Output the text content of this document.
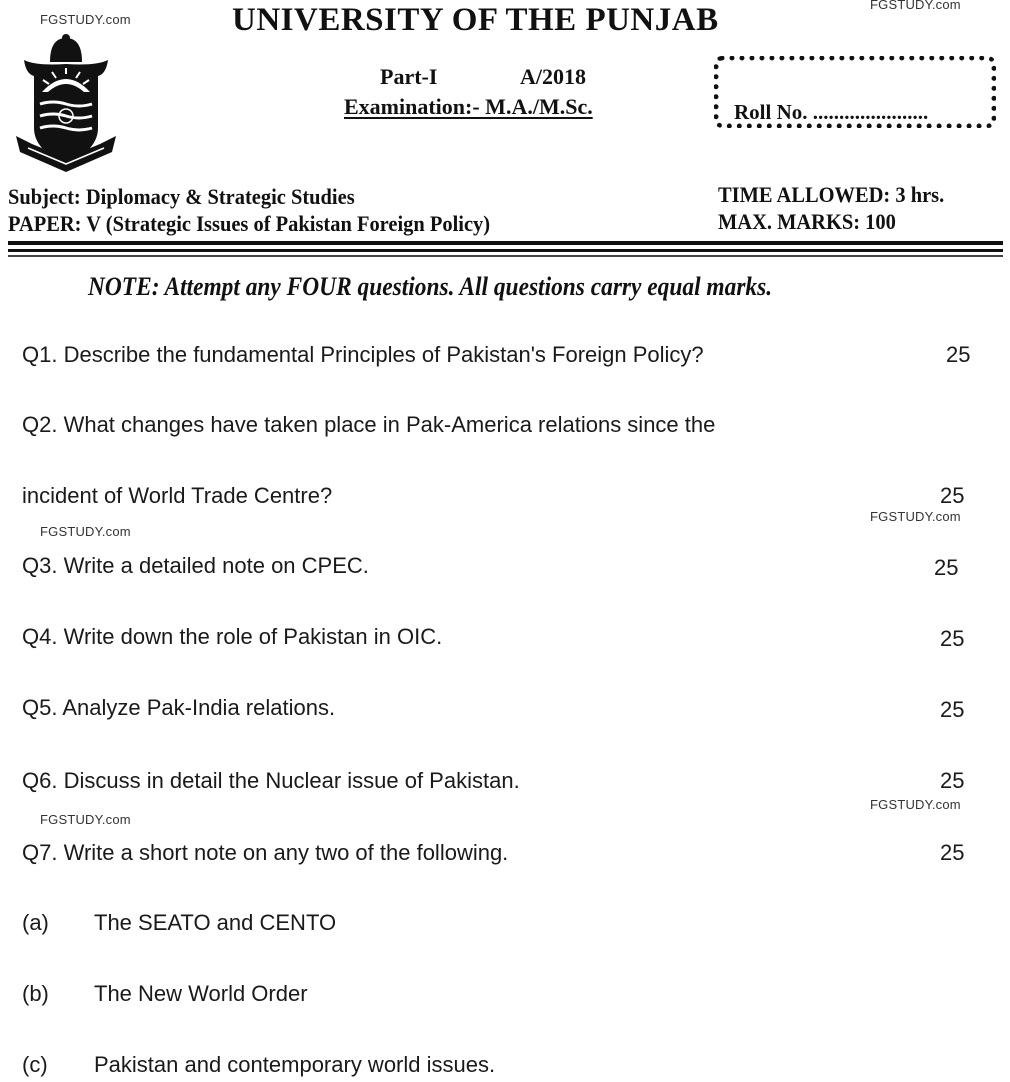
FGSTUDY.com
FGSTUDY.com
UNIVERSITY OF THE PUNJAB
Part-I	A/2018
Examination:- M.A./M.Sc.	Roll No. ......................
Subject: Diplomacy & Strategic Studies
PAPER: V (Strategic Issues of Pakistan Foreign Policy)
TIME ALLOWED: 3 hrs.
MAX. MARKS: 100
NOTE: Attempt any FOUR questions. All questions carry equal marks.
Q1. Describe the fundamental Principles of Pakistan's Foreign Policy?	25
Q2. What changes have taken place in Pak-America relations since the
incident of World Trade Centre?	25
FGSTUDY.com
FGSTUDY.com
Q3. Write a detailed note on CPEC.	25
Q4. Write down the role of Pakistan in OIC.	25
Q5. Analyze Pak-India relations.	25
Q6. Discuss in detail the Nuclear issue of Pakistan.	25
FGSTUDY.com
FGSTUDY.com
Q7. Write a short note on any two of the following.	25
(a) The SEATO and CENTO
(b) The New World Order
(c) Pakistan and contemporary world issues.
